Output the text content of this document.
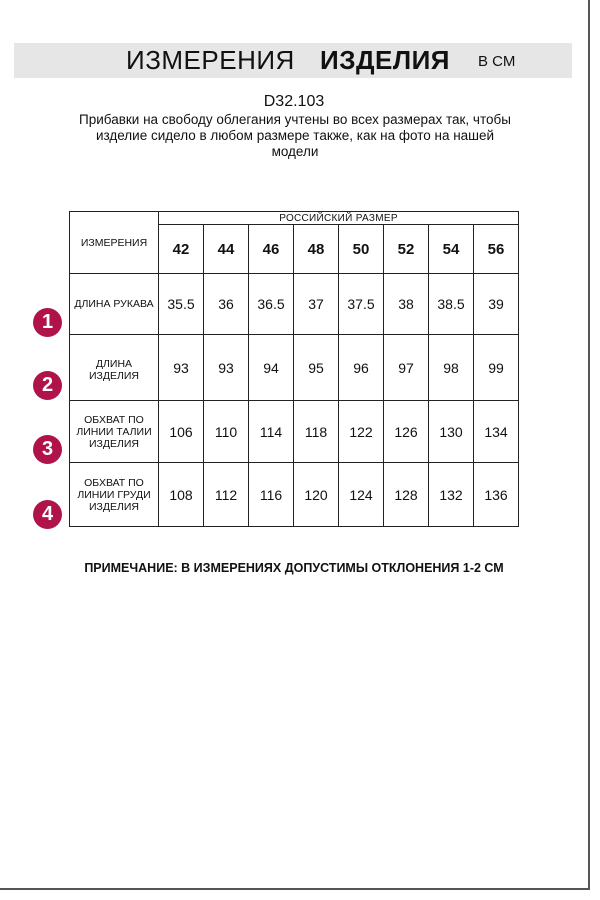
ИЗМЕРЕНИЯ ИЗДЕЛИЯ В СМ
D32.103
Прибавки на свободу облегания учтены во всех размерах так, чтобы
изделие сидело в любом размере также, как на фото на нашей
модели
ИЗМЕРЕНИЯ	РОССИЙСКИЙ РАЗМЕР							
	42	44	46	48	50	52	54	56

ДЛИНА РУКАВА	35.5	36	36.5	37	37.5	38	38.5	39

ДЛИНА
ИЗДЕЛИЯ	93	93	94	95	96	97	98	99

ОБХВАТ ПО
ЛИНИИ ТАЛИИ
ИЗДЕЛИЯ	106	110	114	118	122	126	130	134

ОБХВАТ ПО
ЛИНИИ ГРУДИ
ИЗДЕЛИЯ	108	112	116	120	124	128	132	136
1
2
3
4
ПРИМЕЧАНИЕ: В ИЗМЕРЕНИЯХ ДОПУСТИМЫ ОТКЛОНЕНИЯ 1-2 СМ
